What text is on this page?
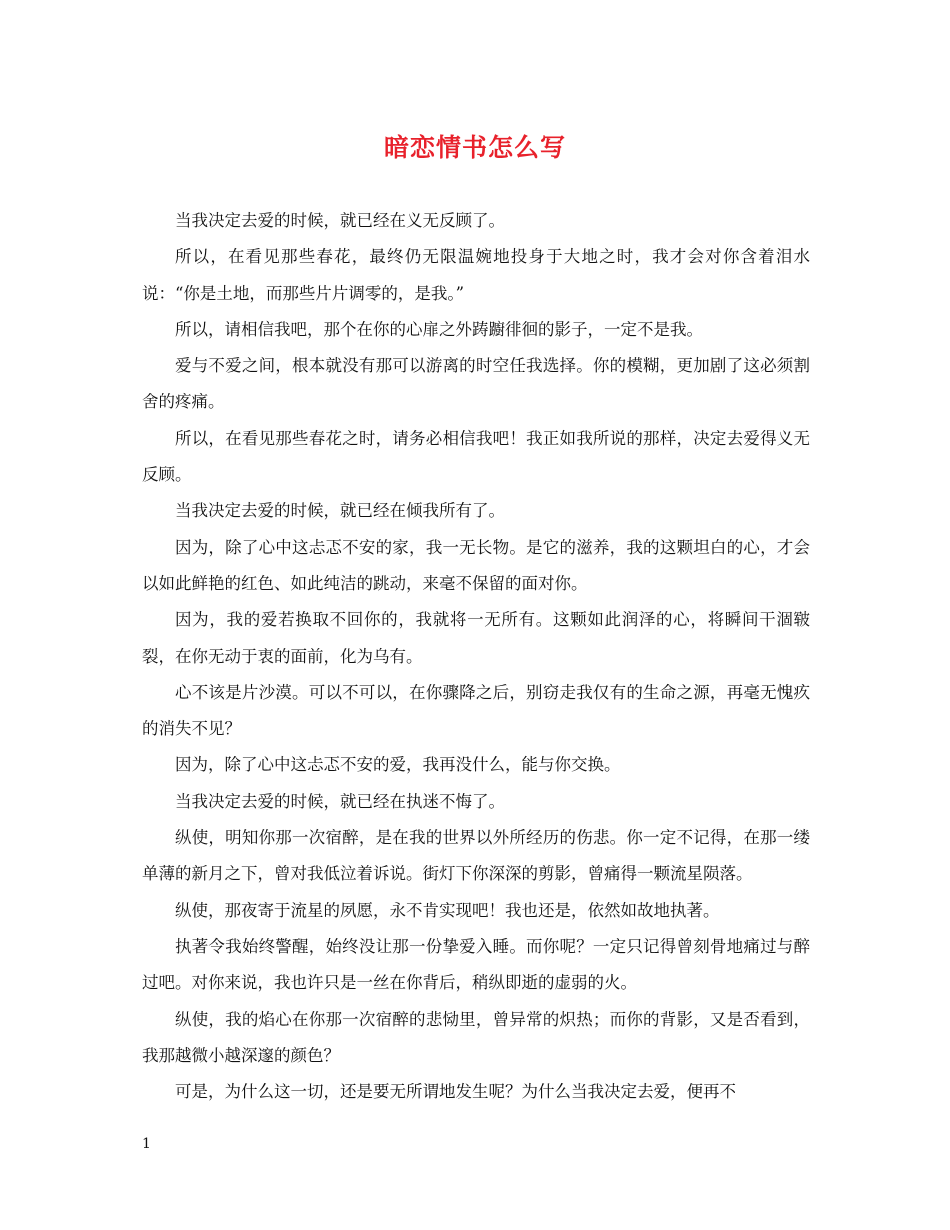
暗恋情书怎么写

当我决定去爱的时候，就已经在义无反顾了。

所以，在看见那些春花，最终仍无限温婉地投身于大地之时，我才会对你含着泪水说：“你是土地，而那些片片调零的，是我。”

所以，请相信我吧，那个在你的心扉之外踌躕徘徊的影子，一定不是我。

爱与不爱之间，根本就没有那可以游离的时空任我选择。你的模糊，更加剧了这必须割舍的疼痛。

所以，在看见那些春花之时，请务必相信我吧！我正如我所说的那样，决定去爱得义无反顾。

当我决定去爱的时候，就已经在倾我所有了。

因为，除了心中这忐忑不安的家，我一无长物。是它的滋养，我的这颗坦白的心，才会以如此鲜艳的红色、如此纯洁的跳动，来毫不保留的面对你。

因为，我的爱若换取不回你的，我就将一无所有。这颗如此润泽的心，将瞬间干涸皲裂，在你无动于衷的面前，化为乌有。

心不该是片沙漠。可以不可以，在你骤降之后，别窃走我仅有的生命之源，再毫无愧疚的消失不见？

因为，除了心中这忐忑不安的爱，我再没什么，能与你交换。

当我决定去爱的时候，就已经在执迷不悔了。

纵使，明知你那一次宿醉，是在我的世界以外所经历的伤悲。你一定不记得，在那一缕单薄的新月之下，曾对我低泣着诉说。街灯下你深深的剪影，曾痛得一颗流星陨落。

纵使，那夜寄于流星的夙愿，永不肯实现吧！我也还是，依然如故地执著。

执著令我始终警醒，始终没让那一份挚爱入睡。而你呢？一定只记得曾刻骨地痛过与醉过吧。对你来说，我也许只是一丝在你背后，稍纵即逝的虚弱的火。

纵使，我的焰心在你那一次宿醉的悲恸里，曾异常的炽热；而你的背影，又是否看到，我那越微小越深邃的颜色？

可是，为什么这一切，还是要无所谓地发生呢？为什么当我决定去爱，便再不

1
